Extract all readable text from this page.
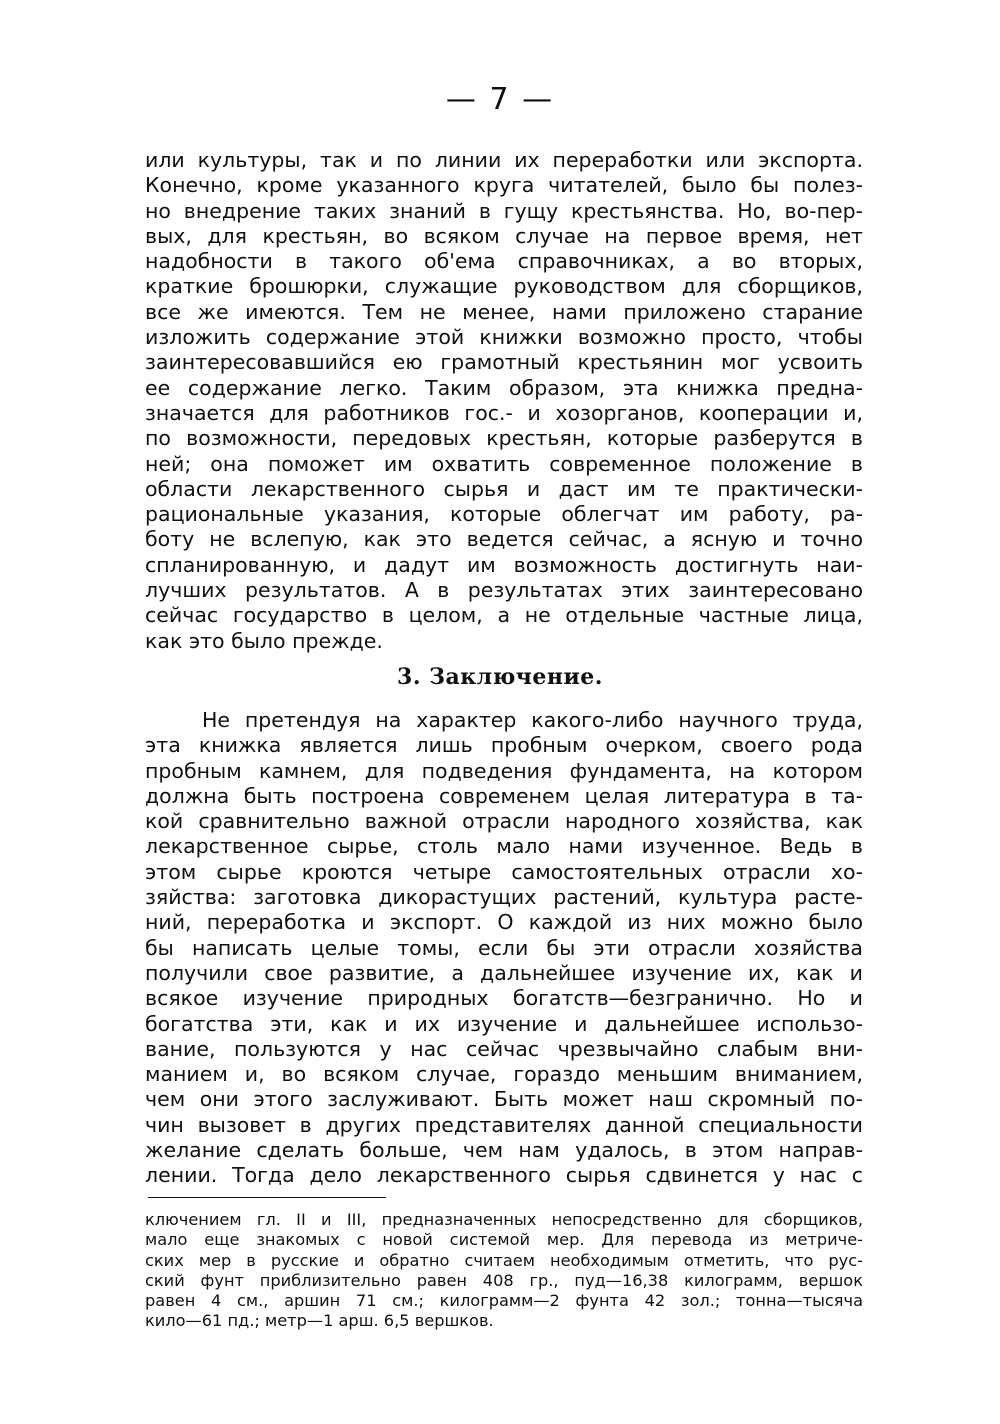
— 7 —
или культуры, так и по линии их переработки или экспорта.
Конечно, кроме указанного круга читателей, было бы полез-
но внедрение таких знаний в гущу крестьянства. Но, во-пер-
вых, для крестьян, во всяком случае на первое время, нет
надобности в такого об'ема справочниках, а во вторых,
краткие брошюрки, служащие руководством для сборщиков,
все же имеются. Тем не менее, нами приложено старание
изложить содержание этой книжки возможно просто, чтобы
заинтересовавшийся ею грамотный крестьянин мог усвоить
ее содержание легко. Таким образом, эта книжка предна-
значается для работников гос.- и хозорганов, кооперации и,
по возможности, передовых крестьян, которые разберутся в
ней; она поможет им охватить современное положение в
области лекарственного сырья и даст им те практически-
рациональные указания, которые облегчат им работу, ра-
боту не вслепую, как это ведется сейчас, а ясную и точно
спланированную, и дадут им возможность достигнуть наи-
лучших результатов. А в результатах этих заинтересовано
сейчас государство в целом, а не отдельные частные лица,
как это было прежде.
3. Заключение.
Не претендуя на характер какого-либо научного труда,
эта книжка является лишь пробным очерком, своего рода
пробным камнем, для подведения фундамента, на котором
должна быть построена современем целая литература в та-
кой сравнительно важной отрасли народного хозяйства, как
лекарственное сырье, столь мало нами изученное. Ведь в
этом сырье кроются четыре самостоятельных отрасли хо-
зяйства: заготовка дикорастущих растений, культура расте-
ний, переработка и экспорт. О каждой из них можно было
бы написать целые томы, если бы эти отрасли хозяйства
получили свое развитие, а дальнейшее изучение их, как и
всякое изучение природных богатств—безгранично. Но и
богатства эти, как и их изучение и дальнейшее использо-
вание, пользуются у нас сейчас чрезвычайно слабым вни-
манием и, во всяком случае, гораздо меньшим вниманием,
чем они этого заслуживают. Быть может наш скромный по-
чин вызовет в других представителях данной специальности
желание сделать больше, чем нам удалось, в этом направ-
лении. Тогда дело лекарственного сырья сдвинется у нас с
ключением гл. II и III, предназначенных непосредственно для сборщиков,
мало еще знакомых с новой системой мер. Для перевода из метриче-
ских мер в русские и обратно считаем необходимым отметить, что рус-
ский фунт приблизительно равен 408 гр., пуд—16,38 килограмм, вершок
равен 4 см., аршин 71 см.; килограмм—2 фунта 42 зол.; тонна—тысяча
кило—61 пд.; метр—1 арш. 6,5 вершков.
